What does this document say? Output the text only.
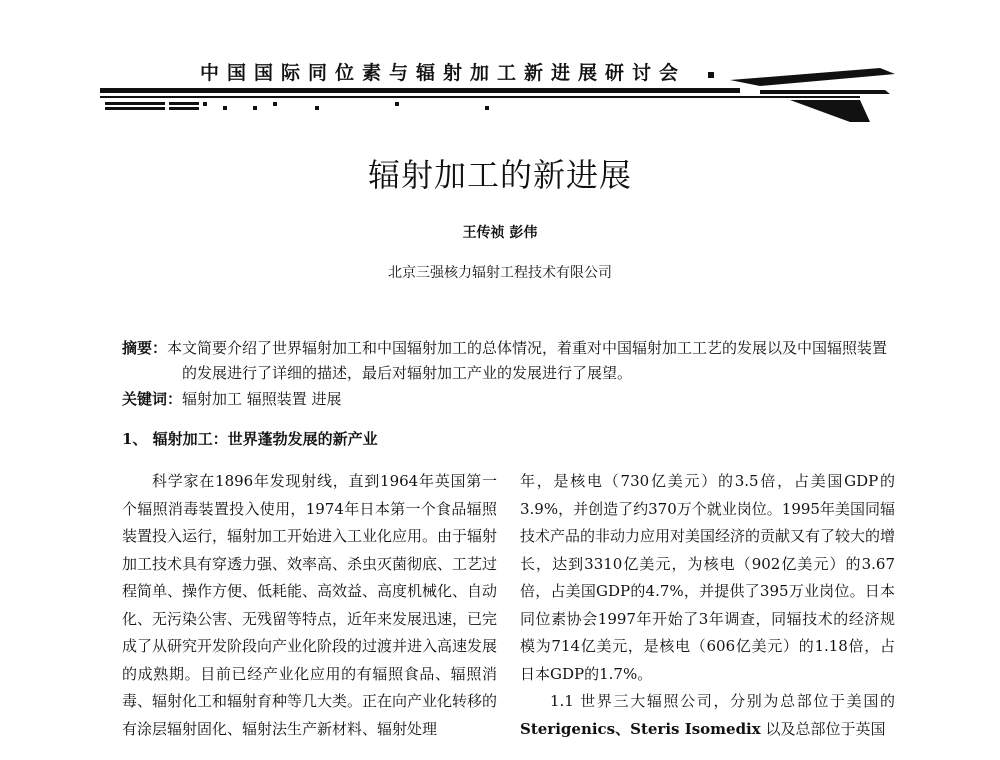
中国国际同位素与辐射加工新进展研讨会
辐射加工的新进展
王传祯 彭伟
北京三强核力辐射工程技术有限公司
摘要：本文简要介绍了世界辐射加工和中国辐射加工的总体情况，着重对中国辐射加工工艺的发展以及中国辐照装置的发展进行了详细的描述，最后对辐射加工产业的发展进行了展望。
关键词：辐射加工 辐照装置 进展
1、 辐射加工：世界蓬勃发展的新产业

科学家在1896年发现射线，直到1964年英国第一个辐照消毒装置投入使用，1974年日本第一个食品辐照装置投入运行，辐射加工开始进入工业化应用。由于辐射加工技术具有穿透力强、效率高、杀虫灭菌彻底、工艺过程简单、操作方便、低耗能、高效益、高度机械化、自动化、无污染公害、无残留等特点，近年来发展迅速，已完成了从研究开发阶段向产业化阶段的过渡并进入高速发展的成熟期。目前已经产业化应用的有辐照食品、辐照消毒、辐射化工和辐射育种等几大类。正在向产业化转移的有涂层辐射固化、辐射法生产新材料、辐射处理

年，是核电（730亿美元）的3.5倍，占美国GDP的3.9%，并创造了约370万个就业岗位。1995年美国同辐技术产品的非动力应用对美国经济的贡献又有了较大的增长，达到3310亿美元，为核电（902亿美元）的3.67倍，占美国GDP的4.7%，并提供了395万业岗位。日本同位素协会1997年开始了3年调查，同辐技术的经济规模为714亿美元，是核电（606亿美元）的1.18倍，占日本GDP的1.7%。

1.1 世界三大辐照公司，分别为总部位于美国的 Sterigenics、Steris Isomedix 以及总部位于英国
